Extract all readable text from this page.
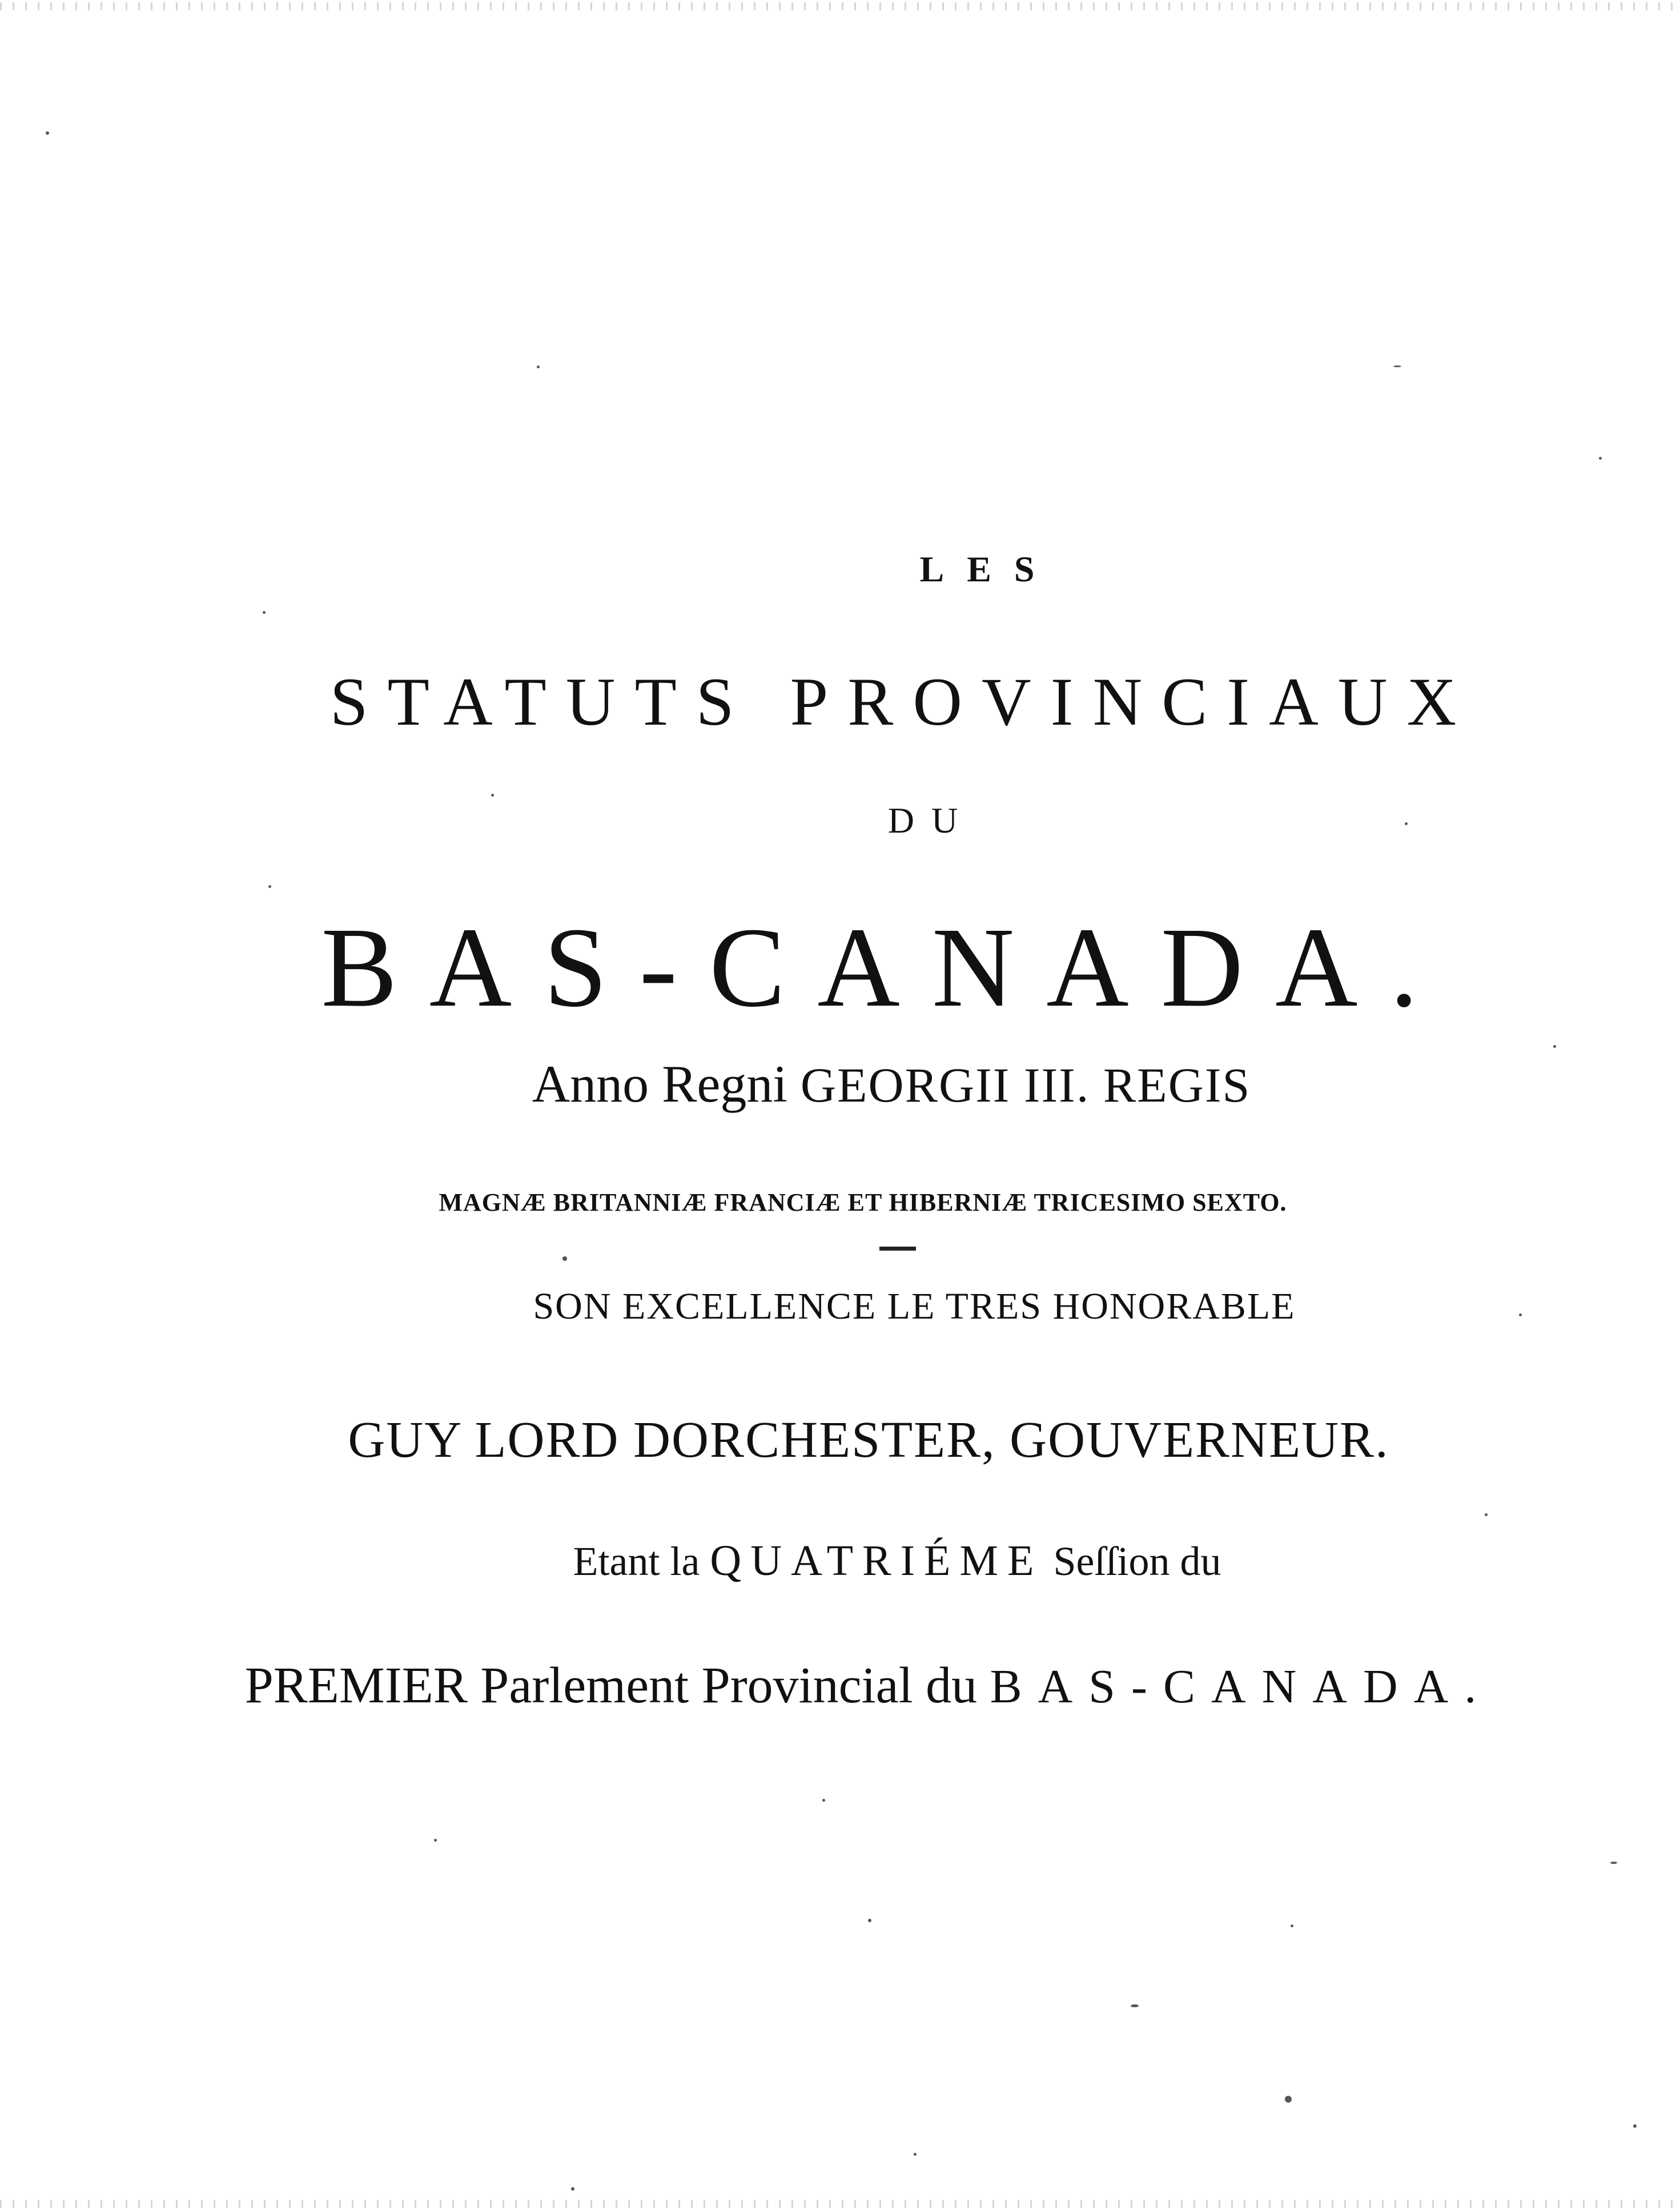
LES
STATUTS PROVINCIAUX
DU
BAS-CANADA.
Anno Regni GEORGII III. REGIS
MAGNÆ BRITANNIÆ FRANCIÆ ET HIBERNIÆ TRICESIMO SEXTO.
SON EXCELLENCE LE TRES HONORABLE
GUY LORD DORCHESTER, GOUVERNEUR.
Etant la QUATRIÉME Seſſion du
PREMIER Parlement Provincial du BAS-CANADA.
